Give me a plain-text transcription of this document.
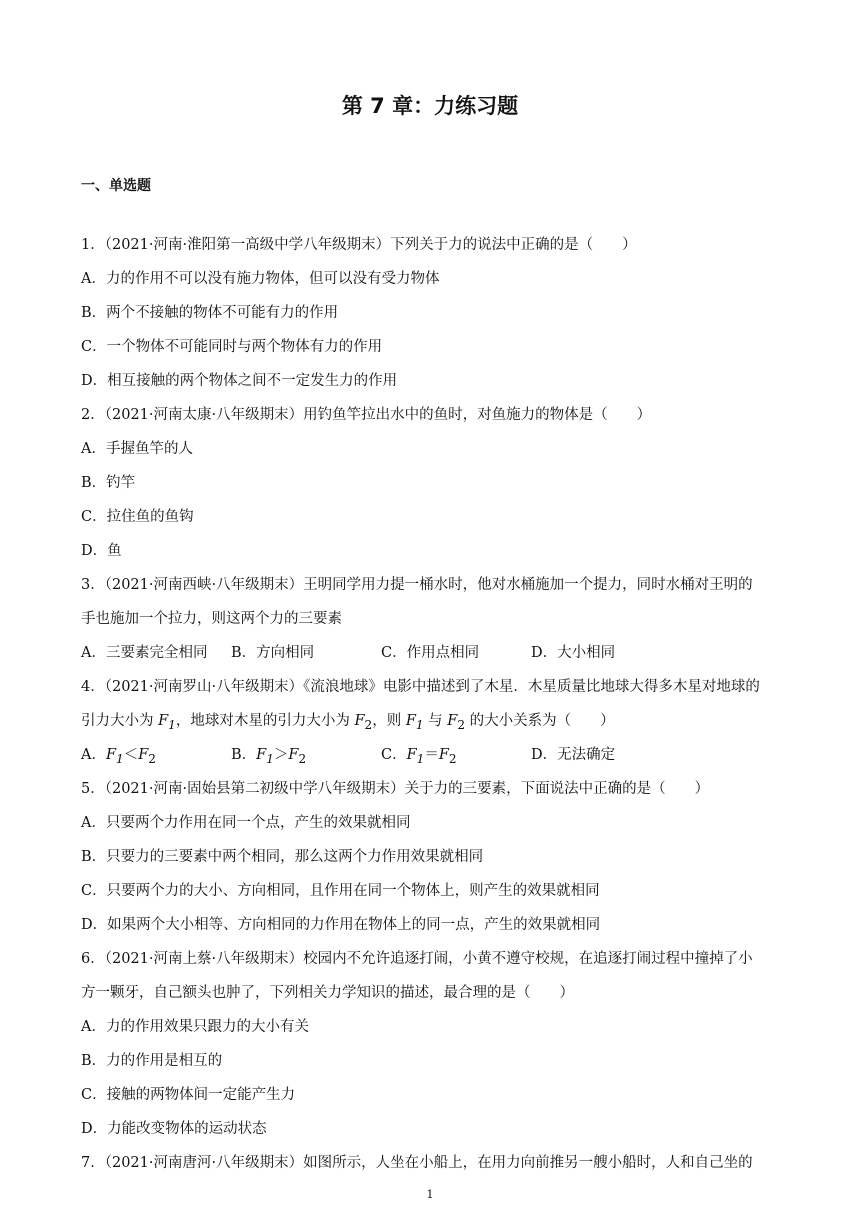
第 7 章：力练习题
一、单选题
1．（2021·河南·淮阳第一高级中学八年级期末）下列关于力的说法中正确的是（　　）
A．力的作用不可以没有施力物体，但可以没有受力物体
B．两个不接触的物体不可能有力的作用
C．一个物体不可能同时与两个物体有力的作用
D．相互接触的两个物体之间不一定发生力的作用
2．（2021·河南太康·八年级期末）用钓鱼竿拉出水中的鱼时，对鱼施力的物体是（　　）
A．手握鱼竿的人
B．钓竿
C．拉住鱼的鱼钩
D．鱼
3．（2021·河南西峡·八年级期末）王明同学用力提一桶水时，他对水桶施加一个提力，同时水桶对王明的
手也施加一个拉力，则这两个力的三要素
A．三要素完全相同 B．方向相同	C．作用点相同	D．大小相同
4．（2021·河南罗山·八年级期末）《流浪地球》电影中描述到了木星．木星质量比地球大得多木星对地球的
引力大小为 $F_1$，地球对木星的引力大小为 $F_2$，则 $F_1$ 与 $F_2$ 的大小关系为（　　）
A．$F_1<F_2$	B．$F_1>F_2$	C．$F_1=F_2$	D．无法确定
5．（2021·河南·固始县第二初级中学八年级期末）关于力的三要素，下面说法中正确的是（　　）
A．只要两个力作用在同一个点，产生的效果就相同
B．只要力的三要素中两个相同，那么这两个力作用效果就相同
C．只要两个力的大小、方向相同，且作用在同一个物体上，则产生的效果就相同
D．如果两个大小相等、方向相同的力作用在物体上的同一点，产生的效果就相同
6．（2021·河南上蔡·八年级期末）校园内不允许追逐打闹，小黄不遵守校规，在追逐打闹过程中撞掉了小
方一颗牙，自己额头也肿了，下列相关力学知识的描述，最合理的是（　　）
A．力的作用效果只跟力的大小有关
B．力的作用是相互的
C．接触的两物体间一定能产生力
D．力能改变物体的运动状态
7．（2021·河南唐河·八年级期末）如图所示，人坐在小船上，在用力向前推另一艘小船时，人和自己坐的
1
